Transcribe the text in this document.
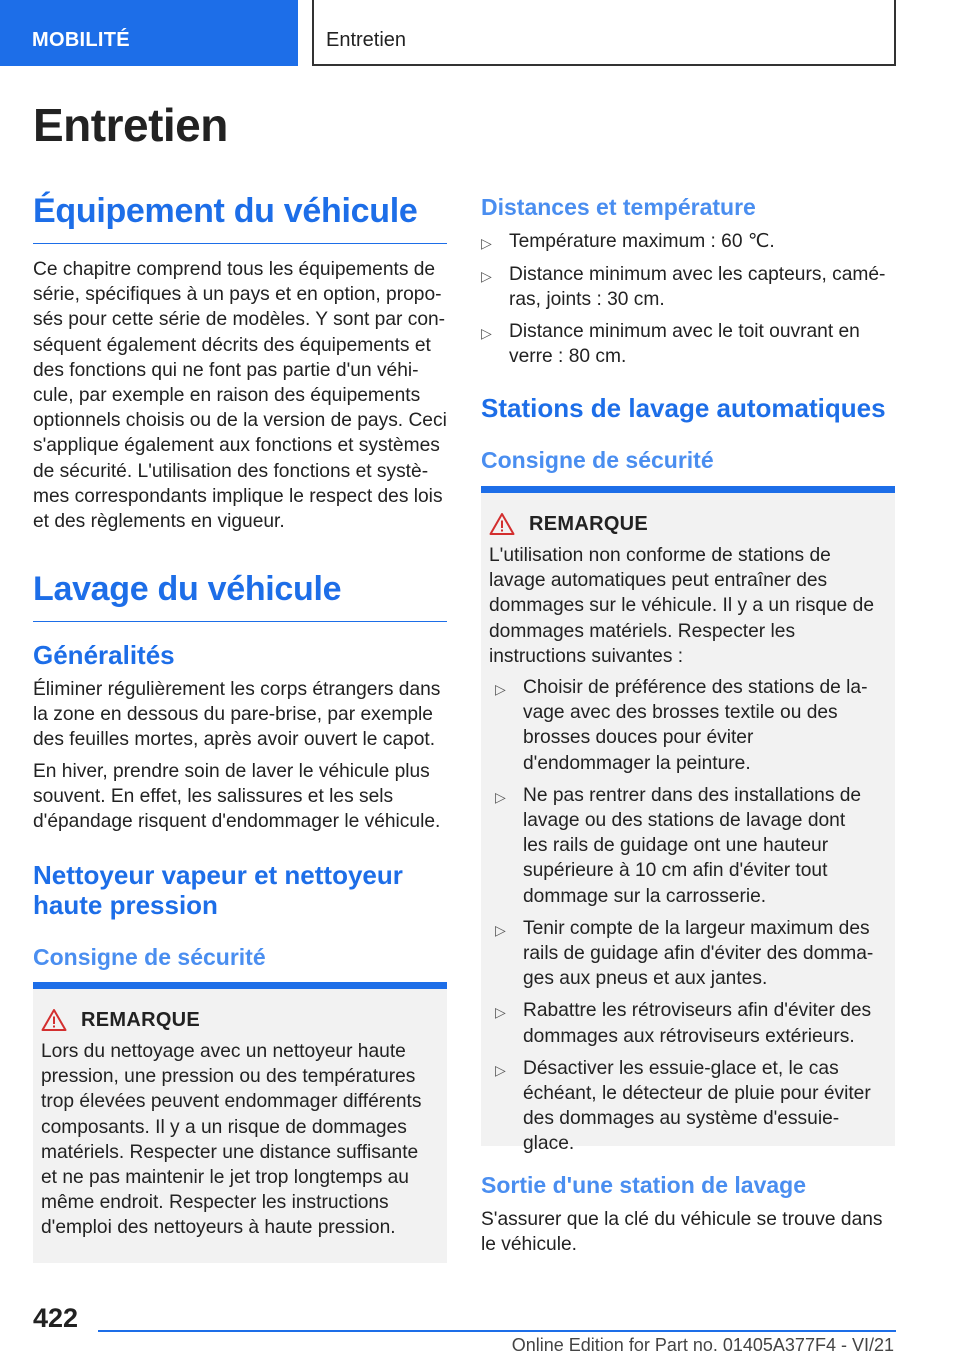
MOBILITÉ	Entretien
Entretien
Équipement du véhicule

Ce chapitre comprend tous les équipements de série, spécifiques à un pays et en option, proposés pour cette série de modèles. Y sont par conséquent également décrits des équipements et des fonctions qui ne font pas partie d'un véhicule, par exemple en raison des équipements optionnels choisis ou de la version de pays. Ceci s'applique également aux fonctions et systèmes de sécurité. L'utilisation des fonctions et systèmes correspondants implique le respect des lois et des règlements en vigueur.

Lavage du véhicule
Généralités

Éliminer régulièrement les corps étrangers dans la zone en dessous du pare-brise, par exemple des feuilles mortes, après avoir ouvert le capot.

En hiver, prendre soin de laver le véhicule plus souvent. En effet, les salissures et les sels d'épandage risquent d'endommager le véhicule.

Nettoyeur vapeur et nettoyeur haute pression
Consigne de sécurité
REMARQUE
Lors du nettoyage avec un nettoyeur haute pression, une pression ou des températures trop élevées peuvent endommager différents composants. Il y a un risque de dommages matériels. Respecter une distance suffisante et ne pas maintenir le jet trop longtemps au même endroit. Respecter les instructions d'emploi des nettoyeurs à haute pression.
Distances et température
▷ Température maximum : 60 ℃.
▷ Distance minimum avec les capteurs, caméras, joints : 30 cm.
▷ Distance minimum avec le toit ouvrant en verre : 80 cm.
Stations de lavage automatiques
Consigne de sécurité
REMARQUE
L'utilisation non conforme de stations de lavage automatiques peut entraîner des dommages sur le véhicule. Il y a un risque de dommages matériels. Respecter les instructions suivantes :
▷ Choisir de préférence des stations de lavage avec des brosses textile ou des brosses douces pour éviter d'endommager la peinture.
▷ Ne pas rentrer dans des installations de lavage ou des stations de lavage dont les rails de guidage ont une hauteur supérieure à 10 cm afin d'éviter tout dommage sur la carrosserie.
▷ Tenir compte de la largeur maximum des rails de guidage afin d'éviter des dommages aux pneus et aux jantes.
▷ Rabattre les rétroviseurs afin d'éviter des dommages aux rétroviseurs extérieurs.
▷ Désactiver les essuie-glace et, le cas échéant, le détecteur de pluie pour éviter des dommages au système d'essuie-glace.
Sortie d'une station de lavage

S'assurer que la clé du véhicule se trouve dans le véhicule.

422
Online Edition for Part no. 01405A377F4 - VI/21
